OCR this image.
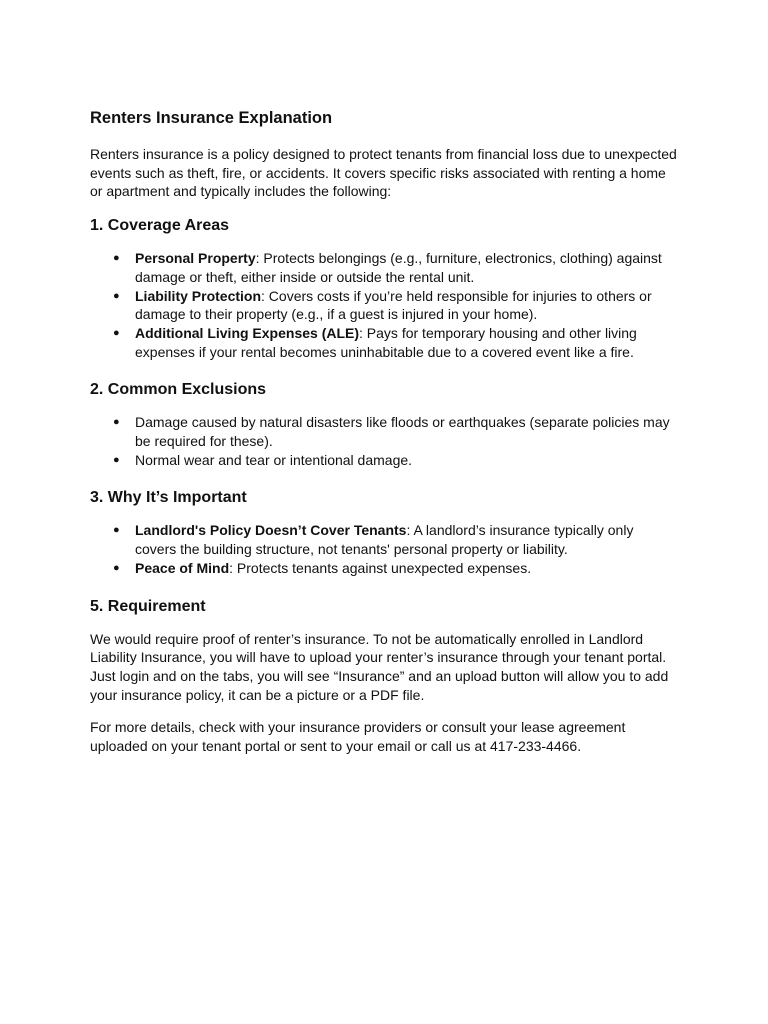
Renters Insurance Explanation

Renters insurance is a policy designed to protect tenants from financial loss due to unexpected events such as theft, fire, or accidents. It covers specific risks associated with renting a home or apartment and typically includes the following:

1. Coverage Areas
● Personal Property: Protects belongings (e.g., furniture, electronics, clothing) against damage or theft, either inside or outside the rental unit.
● Liability Protection: Covers costs if you’re held responsible for injuries to others or damage to their property (e.g., if a guest is injured in your home).
● Additional Living Expenses (ALE): Pays for temporary housing and other living expenses if your rental becomes uninhabitable due to a covered event like a fire.
2. Common Exclusions
● Damage caused by natural disasters like floods or earthquakes (separate policies may be required for these).
● Normal wear and tear or intentional damage.
3. Why It’s Important
● Landlord's Policy Doesn’t Cover Tenants: A landlord’s insurance typically only covers the building structure, not tenants' personal property or liability.
● Peace of Mind: Protects tenants against unexpected expenses.
5. Requirement

We would require proof of renter’s insurance. To not be automatically enrolled in Landlord Liability Insurance, you will have to upload your renter’s insurance through your tenant portal. Just login and on the tabs, you will see “Insurance” and an upload button will allow you to add your insurance policy, it can be a picture or a PDF file.

For more details, check with your insurance providers or consult your lease agreement uploaded on your tenant portal or sent to your email or call us at 417-233-4466.
